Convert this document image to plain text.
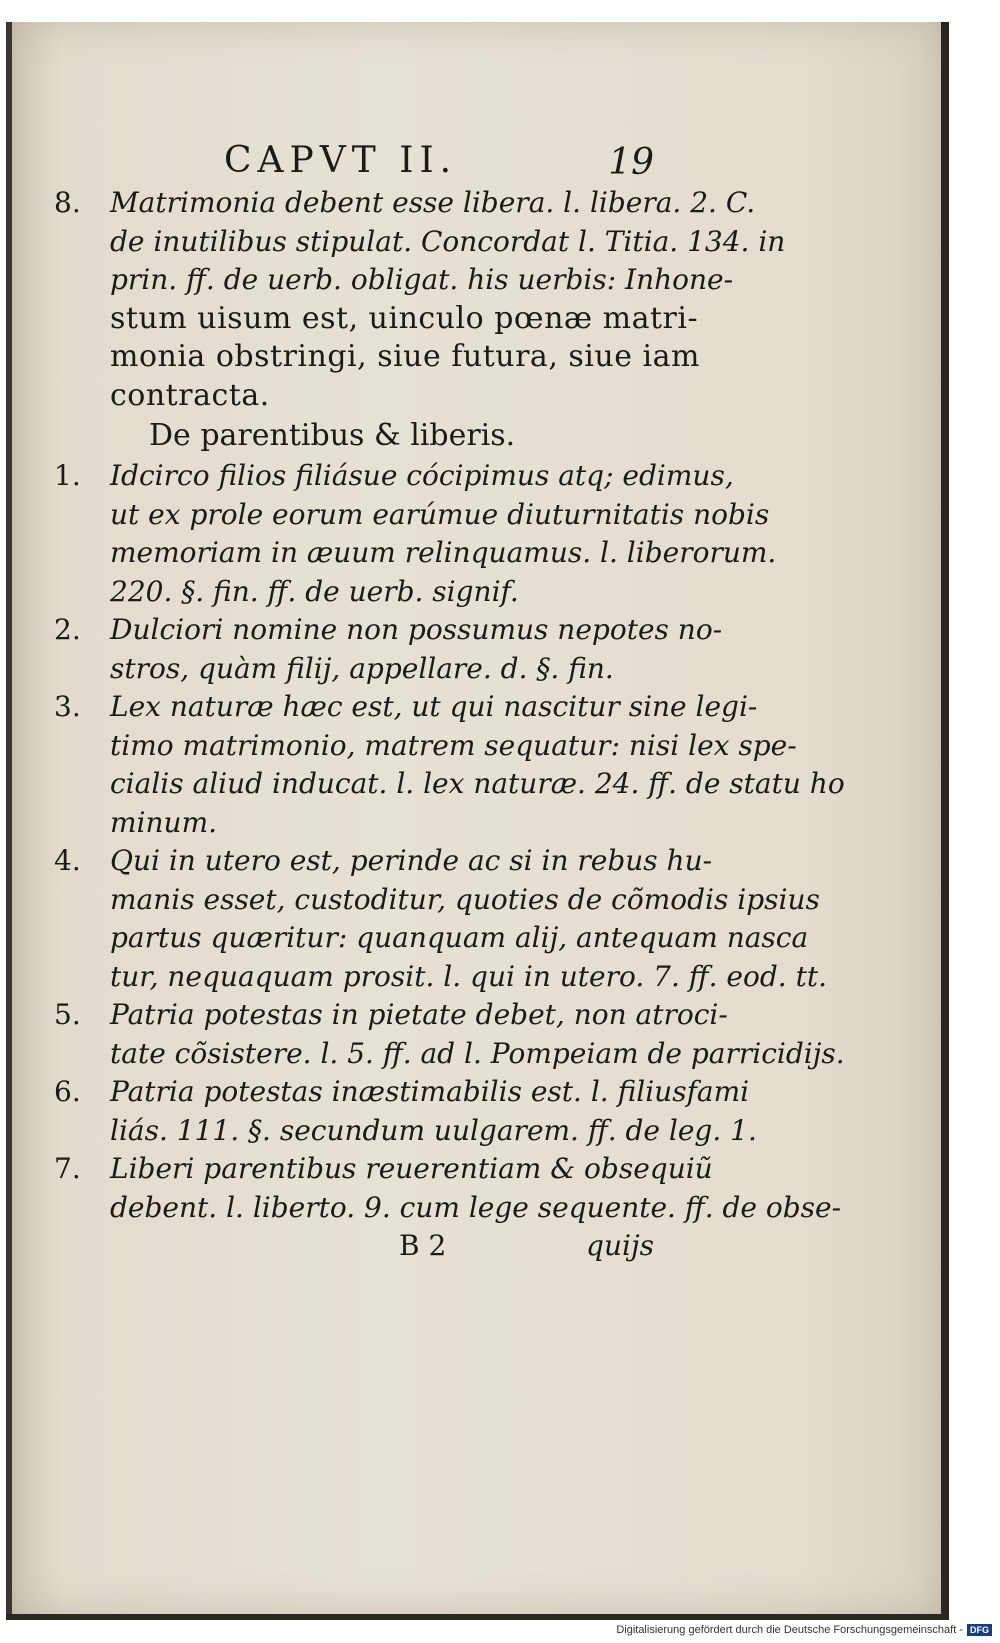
CAPVT II.	19
8. Matrimonia debent esse libera. l. libera. 2. C.
de inutilibus stipulat. Concordat l. Titia. 134. in
prin. ff. de uerb. obligat. his uerbis: Inhone-
stum uisum est, uinculo pœnæ matri-
monia obstringi, siue futura, siue iam
contracta.
De parentibus & liberis.
1. Idcirco filios filiásue cócipimus atq; edimus,
ut ex prole eorum earúmue diuturnitatis nobis
memoriam in æuum relinquamus. l. liberorum.
220. §. fin. ff. de uerb. signif.
2. Dulciori nomine non possumus nepotes no-
stros, quàm filij, appellare. d. §. fin.
3. Lex naturæ hæc est, ut qui nascitur sine legi-
timo matrimonio, matrem sequatur: nisi lex spe-
cialis aliud inducat. l. lex naturæ. 24. ff. de statu ho
minum.
4. Qui in utero est, perinde ac si in rebus hu-
manis esset, custoditur, quoties de cõmodis ipsius
partus quæritur: quanquam alij, antequam nasca
tur, nequaquam prosit. l. qui in utero. 7. ff. eod. tt.
5. Patria potestas in pietate debet, non atroci-
tate cõsistere. l. 5. ff. ad l. Pompeiam de parricidijs.
6. Patria potestas inæstimabilis est. l. filiusfami
liás. 111. §. secundum uulgarem. ff. de leg. 1.
7. Liberi parentibus reuerentiam & obsequiũ
debent. l. liberto. 9. cum lege sequente. ff. de obse-
B 2	quijs
Digitalisierung gefördert durch die Deutsche Forschungsgemeinschaft - DFG
